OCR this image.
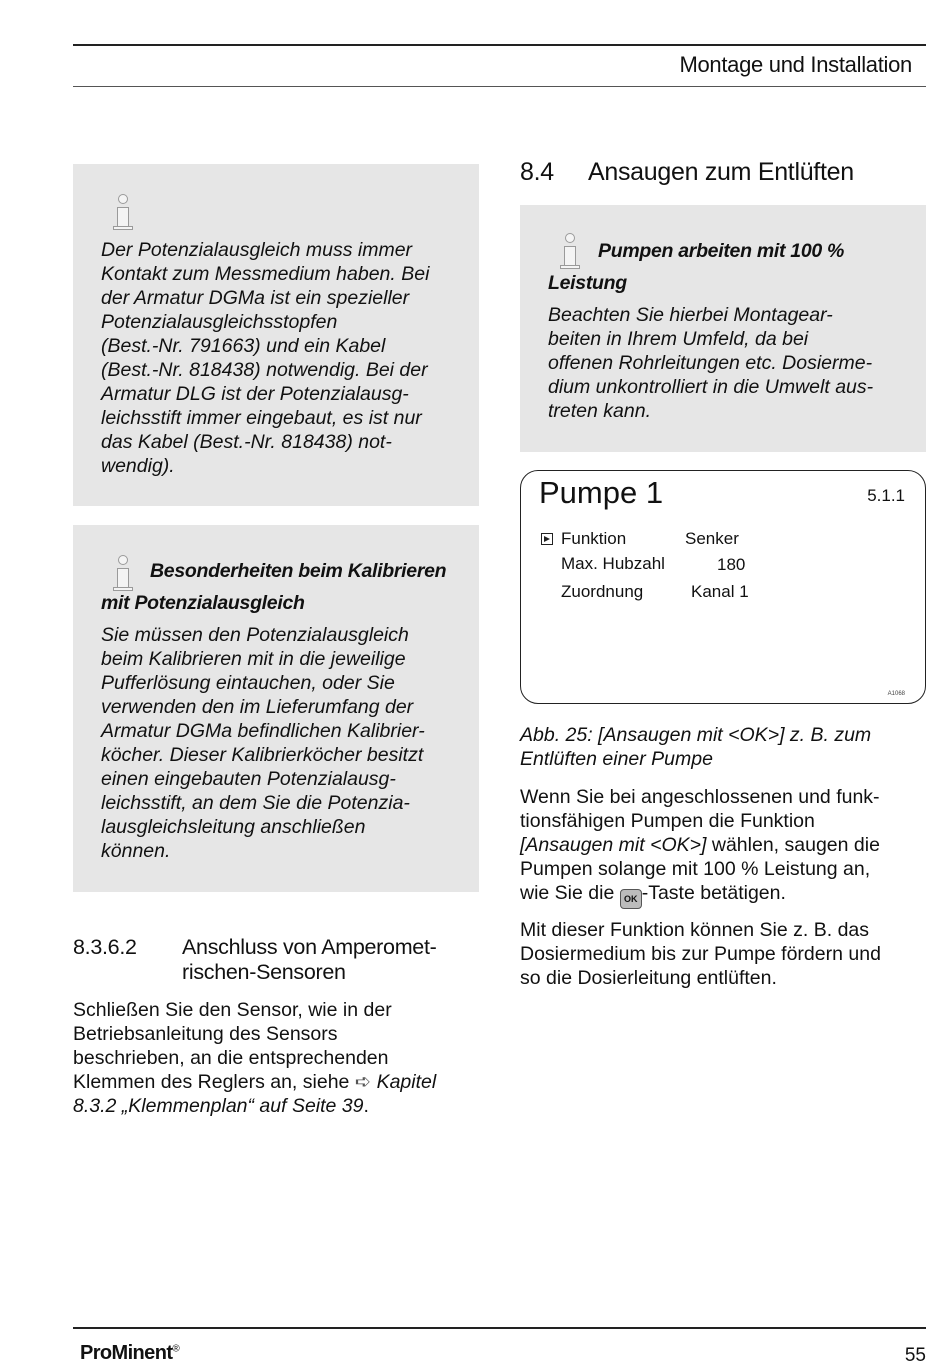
Montage und Installation
Der Potenzialausgleich muss immer
Kontakt zum Messmedium haben. Bei
der Armatur DGMa ist ein spezieller
Potenzialausgleichsstopfen
(Best.-Nr. 791663) und ein Kabel
(Best.-Nr. 818438) notwendig. Bei der
Armatur DLG ist der Potenzialausg-
leichsstift immer eingebaut, es ist nur
das Kabel (Best.-Nr. 818438) not-
wendig).
Besonderheiten beim Kalibrieren
mit Potenzialausgleich
Sie müssen den Potenzialausgleich
beim Kalibrieren mit in die jeweilige
Pufferlösung eintauchen, oder Sie
verwenden den im Lieferumfang der
Armatur DGMa befindlichen Kalibrier-
köcher. Dieser Kalibrierköcher besitzt
einen eingebauten Potenzialausg-
leichsstift, an dem Sie die Potenzia-
lausgleichsleitung anschließen
können.
8.3.6.2 Anschluss von Amperomet-
rischen-Sensoren
Schließen Sie den Sensor, wie in der
Betriebsanleitung des Sensors
beschrieben, an die entsprechenden
Klemmen des Reglers an, siehe ➪ Kapitel
8.3.2 „Klemmenplan“ auf Seite 39.
8.4 Ansaugen zum Entlüften
Pumpen arbeiten mit 100 %
Leistung
Beachten Sie hierbei Montagear-
beiten in Ihrem Umfeld, da bei
offenen Rohrleitungen etc. Dosierme-
dium unkontrolliert in die Umwelt aus-
treten kann.
Pumpe 1	5.1.1
Funktion	Senker
Max. Hubzahl	180
Zuordnung	Kanal 1
A1068
Abb. 25: [Ansaugen mit <OK>] z. B. zum
Entlüften einer Pumpe
Wenn Sie bei angeschlossenen und funk-
tionsfähigen Pumpen die Funktion
[Ansaugen mit <OK>] wählen, saugen die
Pumpen solange mit 100 % Leistung an,
wie Sie die OK -Taste betätigen.
Mit dieser Funktion können Sie z. B. das
Dosiermedium bis zur Pumpe fördern und
so die Dosierleitung entlüften.
ProMinent®	55
